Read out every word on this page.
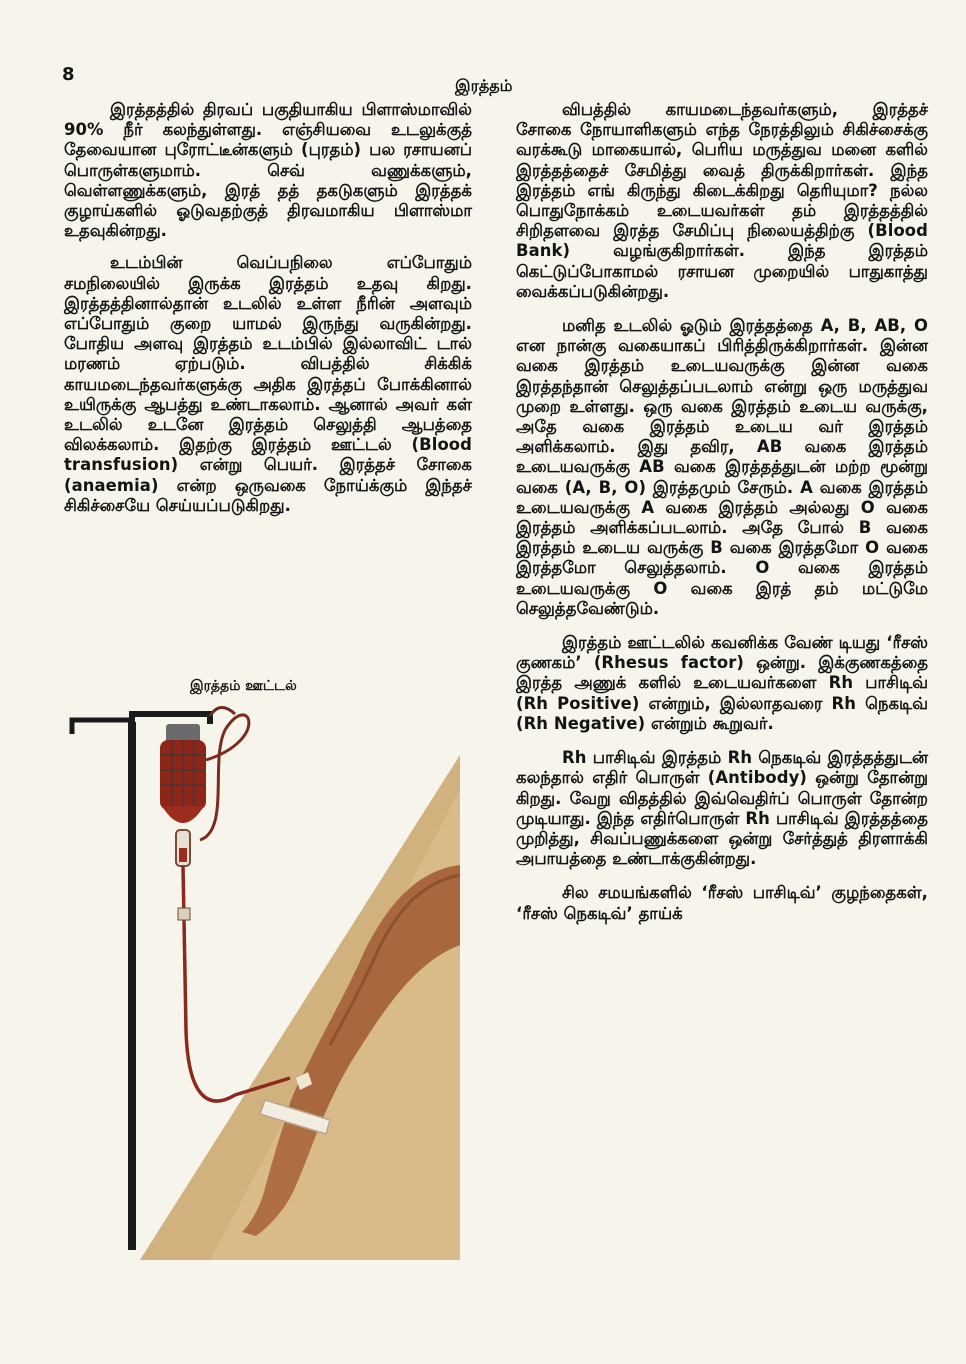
8
இரத்தம்

இரத்தத்தில் திரவப் பகுதியாகிய பிளாஸ்மாவில் 90% நீர் கலந்துள்ளது. எஞ்சியவை உடலுக்குத் தேவையான புரோட்டீன்களும் (புரதம்) பல ரசாயனப் பொருள்களுமாம். செவ் வணுக்களும், வெள்ளணுக்களும், இரத் தத் தகடுகளும் இரத்தக் குழாய்களில் ஓடுவதற்குத் திரவமாகிய பிளாஸ்மா உதவுகின்றது.

உடம்பின் வெப்பநிலை எப்போதும் சமநிலையில் இருக்க இரத்தம் உதவு கிறது. இரத்தத்தினால்தான் உடலில் உள்ள நீரின் அளவும் எப்போதும் குறை யாமல் இருந்து வருகின்றது. போதிய அளவு இரத்தம் உடம்பில் இல்லாவிட் டால் மரணம் ஏற்படும். விபத்தில் சிக்கிக் காயமடைந்தவர்களுக்கு அதிக இரத்தப் போக்கினால் உயிருக்கு ஆபத்து உண்டாகலாம். ஆனால் அவர் கள் உடலில் உடனே இரத்தம் செலுத்தி ஆபத்தை விலக்கலாம். இதற்கு இரத்தம் ஊட்டல் (Blood transfusion) என்று பெயர். இரத்தச் சோகை (anaemia) என்ற ஒருவகை நோய்க்கும் இந்தச் சிகிச்சையே செய்யப்படுகிறது.

இரத்தம் ஊட்டல்

விபத்தில் காயமடைந்தவர்களும், இரத்தச் சோகை நோயாளிகளும் எந்த நேரத்திலும் சிகிச்சைக்கு வரக்கூடு மாகையால், பெரிய மருத்துவ மனை களில் இரத்தத்தைச் சேமித்து வைத் திருக்கிறார்கள். இந்த இரத்தம் எங் கிருந்து கிடைக்கிறது தெரியுமா? நல்ல பொதுநோக்கம் உடையவர்கள் தம் இரத்தத்தில் சிறிதளவை இரத்த சேமிப்பு நிலையத்திற்கு (Blood Bank) வழங்குகிறார்கள். இந்த இரத்தம் கெட்டுப்போகாமல் ரசாயன முறையில் பாதுகாத்து வைக்கப்படுகின்றது.

மனித உடலில் ஓடும் இரத்தத்தை A, B, AB, O என நான்கு வகையாகப் பிரித்திருக்கிறார்கள். இன்ன வகை இரத்தம் உடையவருக்கு இன்ன வகை இரத்தந்தான் செலுத்தப்படலாம் என்று ஒரு மருத்துவ முறை உள்ளது. ஒரு வகை இரத்தம் உடைய வருக்கு, அதே வகை இரத்தம் உடைய வர் இரத்தம் அளிக்கலாம். இது தவிர, AB வகை இரத்தம் உடையவருக்கு AB வகை இரத்தத்துடன் மற்ற மூன்று வகை (A, B, O) இரத்தமும் சேரும். A வகை இரத்தம் உடையவருக்கு A வகை இரத்தம் அல்லது O வகை இரத்தம் அளிக்கப்படலாம். அதே போல் B வகை இரத்தம் உடைய வருக்கு B வகை இரத்தமோ O வகை இரத்தமோ செலுத்தலாம். O வகை இரத்தம் உடையவருக்கு O வகை இரத் தம் மட்டுமே செலுத்தவேண்டும்.

இரத்தம் ஊட்டலில் கவனிக்க வேண் டியது ‘ரீசஸ் குணகம்’ (Rhesus factor) ஒன்று. இக்குணகத்தை இரத்த அணுக் களில் உடையவர்களை Rh பாசிடிவ் (Rh Positive) என்றும், இல்லாதவரை Rh நெகடிவ் (Rh Negative) என்றும் கூறுவர்.

Rh பாசிடிவ் இரத்தம் Rh நெகடிவ் இரத்தத்துடன் கலந்தால் எதிர் பொருள் (Antibody) ஒன்று தோன்று கிறது. வேறு விதத்தில் இவ்வெதிர்ப் பொருள் தோன்ற முடியாது. இந்த எதிர்பொருள் Rh பாசிடிவ் இரத்தத்தை முறித்து, சிவப்பணுக்களை ஒன்று சேர்த்துத் திரளாக்கி அபாயத்தை உண்டாக்குகின்றது.

சில சமயங்களில் ‘ரீசஸ் பாசிடிவ்’ குழந்தைகள், ‘ரீசஸ் நெகடிவ்’ தாய்க்
